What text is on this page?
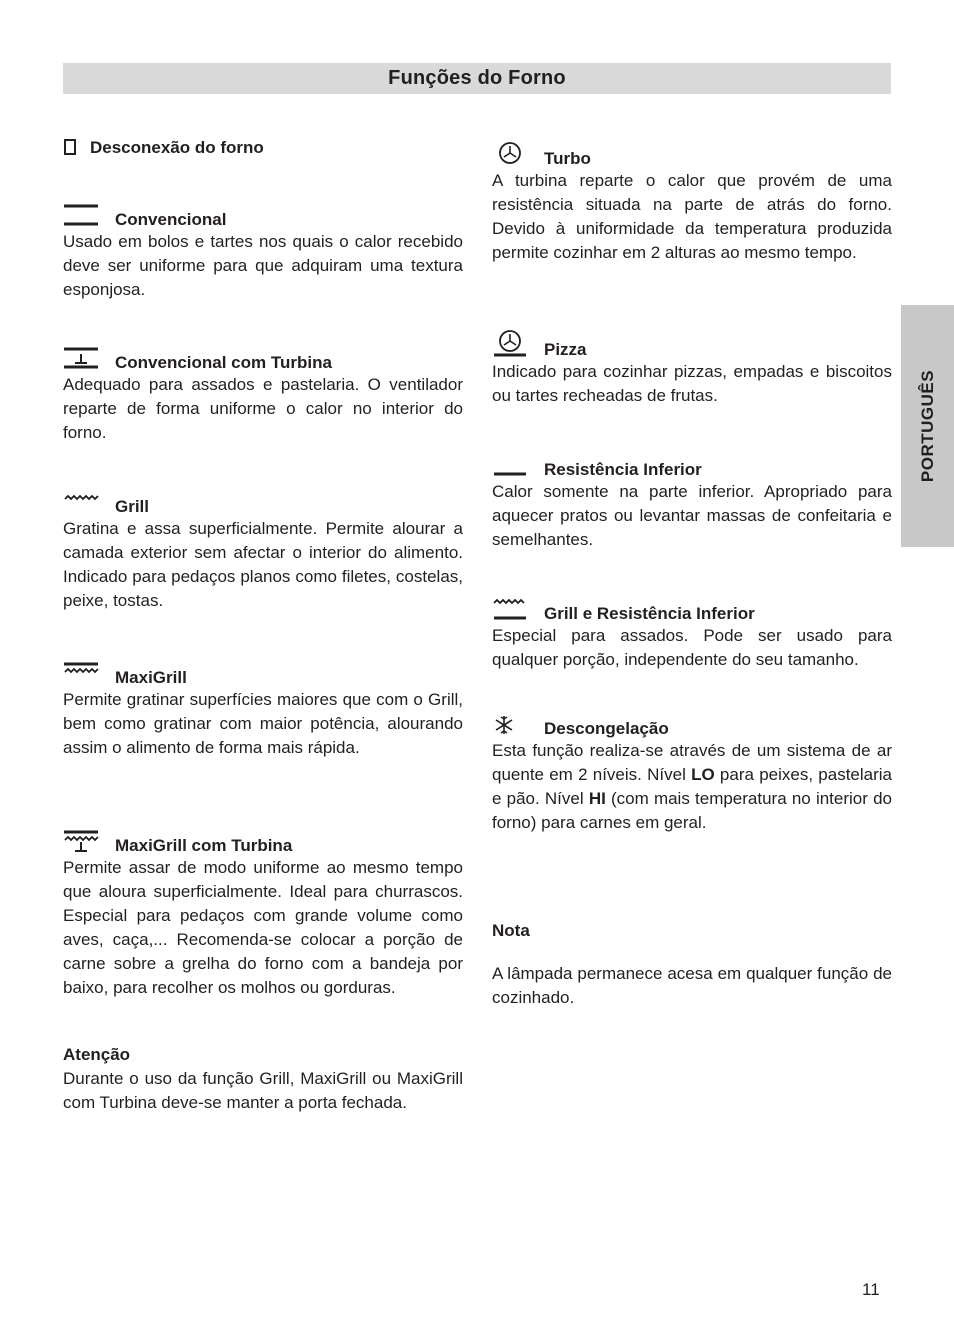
Funções do Forno
PORTUGUÊS
Desconexão do forno
Convencional

Usado em bolos e tartes nos quais o calor recebido deve ser uniforme para que adquiram uma textura esponjosa.

Convencional com Turbina

Adequado para assados e pastelaria. O ventilador reparte de forma uniforme o calor no interior do forno.

Grill

Gratina e assa superficialmente. Permite alourar a camada exterior sem afectar o interior do alimento. Indicado para pedaços planos como filetes, costelas, peixe, tostas.

MaxiGrill

Permite gratinar superfícies maiores que com o Grill, bem como gratinar com maior potência, alourando assim o alimento de forma mais rápida.

MaxiGrill com Turbina

Permite assar de modo uniforme ao mesmo tempo que aloura superficialmente. Ideal para churrascos. Especial para pedaços com grande volume como aves, caça,... Recomenda-se colocar a porção de carne sobre a grelha do forno com a bandeja por baixo, para recolher os molhos ou gorduras.

Atenção

Durante o uso da função Grill, MaxiGrill ou MaxiGrill com Turbina deve-se manter a porta fechada.

Turbo

A turbina reparte o calor que provém de uma resistência situada na parte de atrás do forno. Devido à uniformidade da temperatura produzida permite cozinhar em 2 alturas ao mesmo tempo.

Pizza

Indicado para cozinhar pizzas, empadas e biscoitos ou tartes recheadas de frutas.

Resistência Inferior

Calor somente na parte inferior. Apropriado para aquecer pratos ou levantar massas de confeitaria e semelhantes.

Grill e Resistência Inferior

Especial para assados. Pode ser usado para qualquer porção, independente do seu tamanho.

Descongelação

Esta função realiza-se através de um sistema de ar quente em 2 níveis. Nível LO para peixes, pastelaria e pão. Nível HI (com mais temperatura no interior do forno) para carnes em geral.

Nota

A lâmpada permanece acesa em qualquer função de cozinhado.

11
